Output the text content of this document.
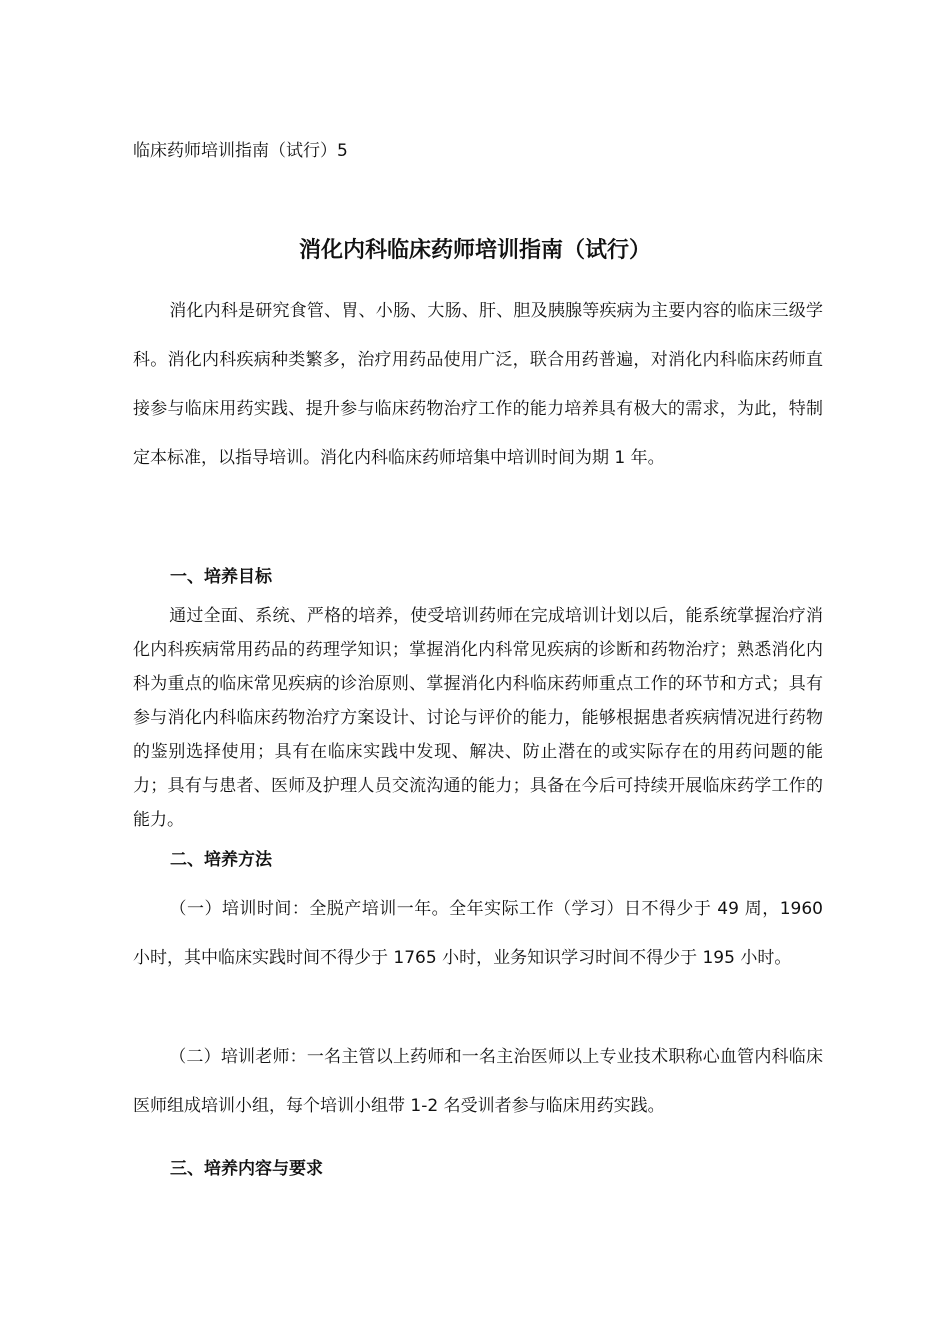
临床药师培训指南（试行）5
消化内科临床药师培训指南（试行）
消化内科是研究食管、胃、小肠、大肠、肝、胆及胰腺等疾病为主要内容的临床三级学科。消化内科疾病种类繁多，治疗用药品使用广泛，联合用药普遍，对消化内科临床药师直接参与临床用药实践、提升参与临床药物治疗工作的能力培养具有极大的需求，为此，特制定本标准，以指导培训。消化内科临床药师培集中培训时间为期 1 年。
一、培养目标
通过全面、系统、严格的培养，使受培训药师在完成培训计划以后，能系统掌握治疗消化内科疾病常用药品的药理学知识；掌握消化内科常见疾病的诊断和药物治疗；熟悉消化内科为重点的临床常见疾病的诊治原则、掌握消化内科临床药师重点工作的环节和方式；具有参与消化内科临床药物治疗方案设计、讨论与评价的能力，能够根据患者疾病情况进行药物的鉴别选择使用；具有在临床实践中发现、解决、防止潜在的或实际存在的用药问题的能力；具有与患者、医师及护理人员交流沟通的能力；具备在今后可持续开展临床药学工作的能力。
二、培养方法
（一）培训时间：全脱产培训一年。全年实际工作（学习）日不得少于 49 周，1960 小时，其中临床实践时间不得少于 1765 小时，业务知识学习时间不得少于 195 小时。
（二）培训老师：一名主管以上药师和一名主治医师以上专业技术职称心血管内科临床医师组成培训小组，每个培训小组带 1-2 名受训者参与临床用药实践。
三、培养内容与要求
